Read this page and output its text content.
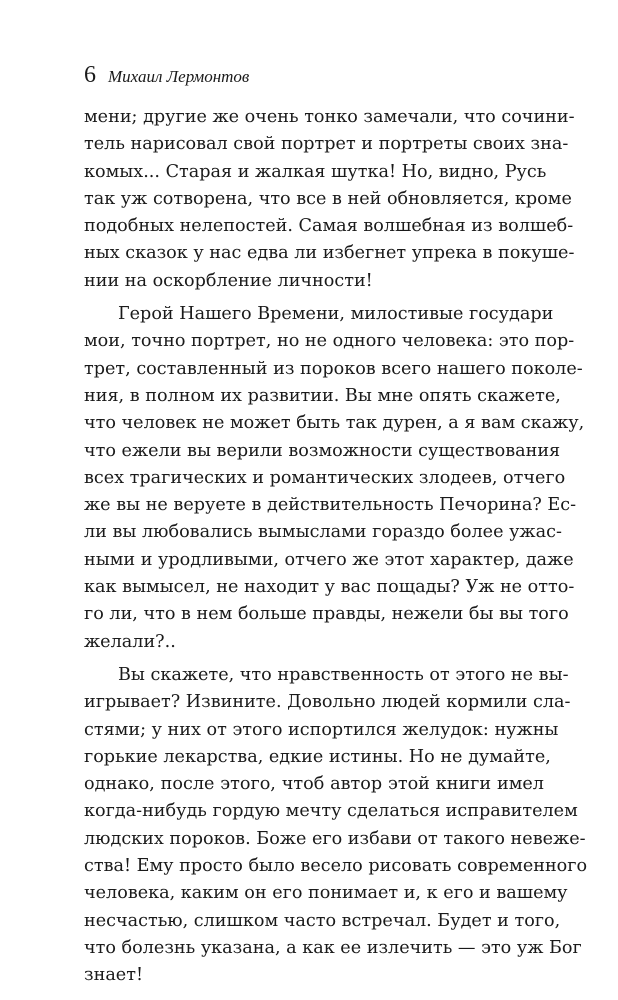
6 Михаил Лермонтов
мени; другие же очень тонко замечали, что сочини-
тель нарисовал свой портрет и портреты своих зна-
комых... Старая и жалкая шутка! Но, видно, Русь
так уж сотворена, что все в ней обновляется, кроме
подобных нелепостей. Самая волшебная из волшеб-
ных сказок у нас едва ли избегнет упрека в покуше-
нии на оскорбление личности!
Герой Нашего Времени, милостивые государи
мои, точно портрет, но не одного человека: это пор-
трет, составленный из пороков всего нашего поколе-
ния, в полном их развитии. Вы мне опять скажете,
что человек не может быть так дурен, а я вам скажу,
что ежели вы верили возможности существования
всех трагических и романтических злодеев, отчего
же вы не веруете в действительность Печорина? Ес-
ли вы любовались вымыслами гораздо более ужас-
ными и уродливыми, отчего же этот характер, даже
как вымысел, не находит у вас пощады? Уж не отто-
го ли, что в нем больше правды, нежели бы вы того
желали?..
Вы скажете, что нравственность от этого не вы-
игрывает? Извините. Довольно людей кормили сла-
стями; у них от этого испортился желудок: нужны
горькие лекарства, едкие истины. Но не думайте,
однако, после этого, чтоб автор этой книги имел
когда-нибудь гордую мечту сделаться исправителем
людских пороков. Боже его избави от такого невеже-
ства! Ему просто было весело рисовать современного
человека, каким он его понимает и, к его и вашему
несчастью, слишком часто встречал. Будет и того,
что болезнь указана, а как ее излечить — это уж Бог
знает!
